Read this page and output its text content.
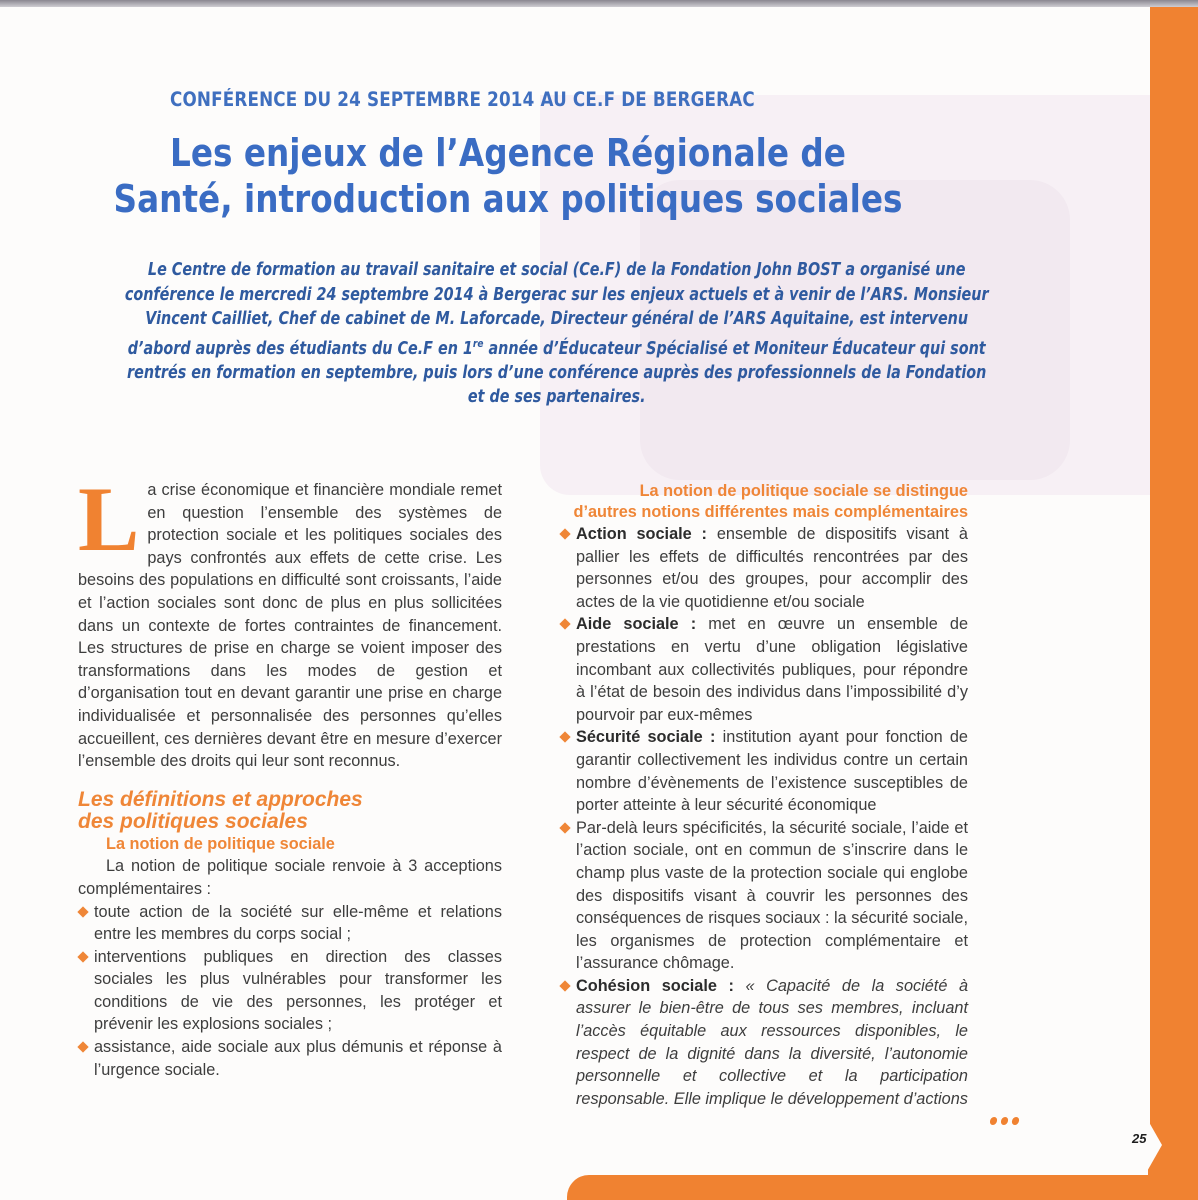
25
CONFÉRENCE DU 24 SEPTEMBRE 2014 AU CE.F DE BERGERAC
Les enjeux de l’Agence Régionale de
Santé, introduction aux politiques sociales
Le Centre de formation au travail sanitaire et social (Ce.F) de la Fondation John BOST a organisé une conférence le mercredi 24 septembre 2014 à Bergerac sur les enjeux actuels et à venir de l’ARS. Monsieur Vincent Cailliet, Chef de cabinet de M. Laforcade, Directeur général de l’ARS Aquitaine, est intervenu d’abord auprès des étudiants du Ce.F en 1re année d’Éducateur Spécialisé et Moniteur Éducateur qui sont rentrés en formation en septembre, puis lors d’une conférence auprès des professionnels de la Fondation et de ses partenaires.
L a crise économique et financière mondiale remet en question l’ensemble des systèmes de protection sociale et les politiques sociales des pays confrontés aux effets de cette crise. Les besoins des populations en difficulté sont croissants, l’aide et l’action sociales sont donc de plus en plus sollicitées dans un contexte de fortes contraintes de financement. Les structures de prise en charge se voient imposer des transformations dans les modes de gestion et d’organisation tout en devant garantir une prise en charge individualisée et personnalisée des personnes qu’elles accueillent, ces dernières devant être en mesure d’exercer l’ensemble des droits qui leur sont reconnus.

Les définitions et approches
des politiques sociales
La notion de politique sociale

La notion de politique sociale renvoie à 3 acceptions complémentaires :

toute action de la société sur elle-même et relations entre les membres du corps social ;
interventions publiques en direction des classes sociales les plus vulnérables pour transformer les conditions de vie des personnes, les protéger et prévenir les explosions sociales ;
assistance, aide sociale aux plus démunis et réponse à l’urgence sociale.
La notion de politique sociale se distingue
d’autres notions différentes mais complémentaires
Action sociale : ensemble de dispositifs visant à pallier les effets de difficultés rencontrées par des personnes et/ou des groupes, pour accomplir des actes de la vie quotidienne et/ou sociale
Aide sociale : met en œuvre un ensemble de prestations en vertu d’une obligation législative incombant aux collectivités publiques, pour répondre à l’état de besoin des individus dans l’impossibilité d’y pourvoir par eux-mêmes
Sécurité sociale : institution ayant pour fonction de garantir collectivement les individus contre un certain nombre d’évènements de l’existence susceptibles de porter atteinte à leur sécurité économique
Par-delà leurs spécificités, la sécurité sociale, l’aide et l’action sociale, ont en commun de s’inscrire dans le champ plus vaste de la protection sociale qui englobe des dispositifs visant à couvrir les personnes des conséquences de risques sociaux : la sécurité sociale, les organismes de protection complémentaire et l’assurance chômage.
Cohésion sociale : « Capacité de la société à assurer le bien-être de tous ses membres, incluant l’accès équitable aux ressources disponibles, le respect de la dignité dans la diversité, l’autonomie personnelle et collective et la participation responsable. Elle implique le développement d’actions
